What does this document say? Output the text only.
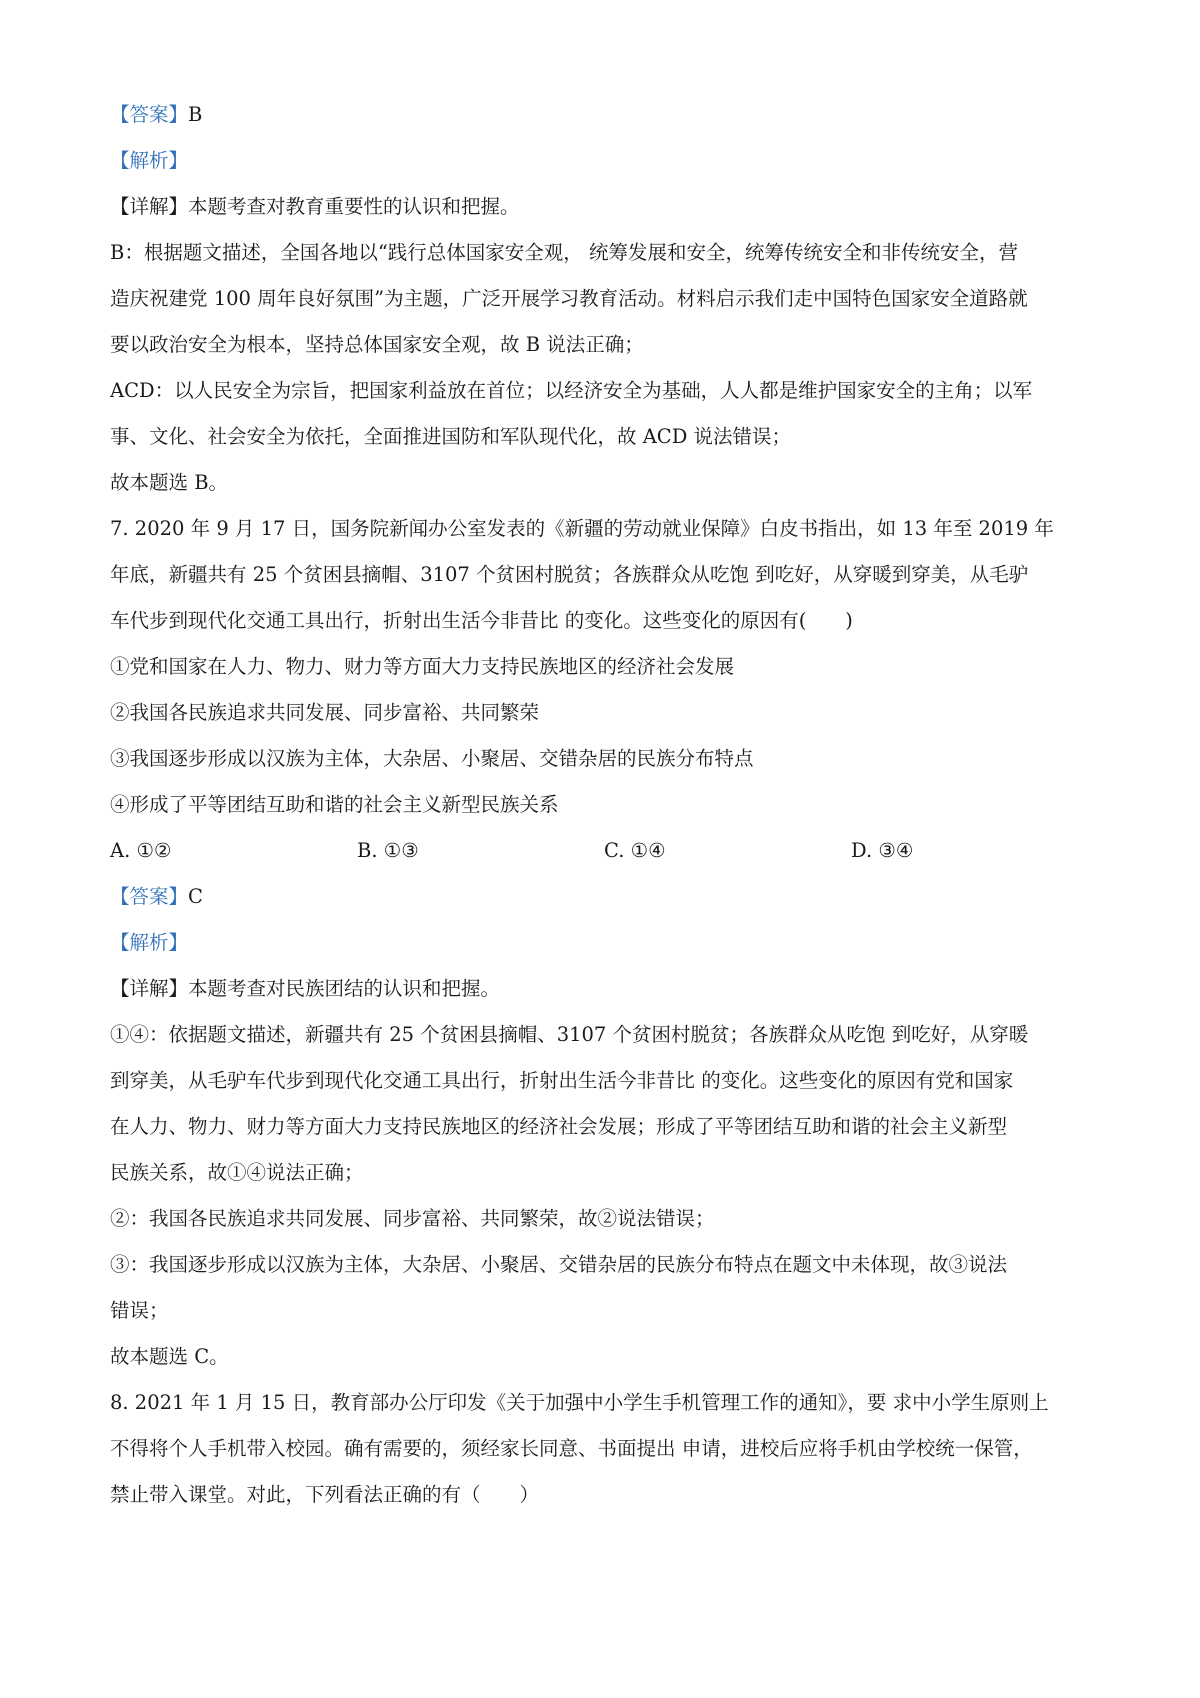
【答案】B
【解析】
【详解】本题考查对教育重要性的认识和把握。
B：根据题文描述，全国各地以“践行总体国家安全观， 统筹发展和安全，统筹传统安全和非传统安全，营
造庆祝建党 100 周年良好氛围”为主题，广泛开展学习教育活动。材料启示我们走中国特色国家安全道路就
要以政治安全为根本，坚持总体国家安全观，故 B 说法正确；
ACD：以人民安全为宗旨，把国家利益放在首位；以经济安全为基础，人人都是维护国家安全的主角；以军
事、文化、社会安全为依托，全面推进国防和军队现代化，故 ACD 说法错误；
故本题选 B。
7. 2020 年 9 月 17 日，国务院新闻办公室发表的《新疆的劳动就业保障》白皮书指出，如 13 年至 2019 年
年底，新疆共有 25 个贫困县摘帽、3107 个贫困村脱贫；各族群众从吃饱 到吃好，从穿暖到穿美，从毛驴
车代步到现代化交通工具出行，折射出生活今非昔比 的变化。这些变化的原因有(　　)
①党和国家在人力、物力、财力等方面大力支持民族地区的经济社会发展
②我国各民族追求共同发展、同步富裕、共同繁荣
③我国逐步形成以汉族为主体，大杂居、小聚居、交错杂居的民族分布特点
④形成了平等团结互助和谐的社会主义新型民族关系
A. ①②	B. ①③	C. ①④	D. ③④
【答案】C
【解析】
【详解】本题考查对民族团结的认识和把握。
①④：依据题文描述，新疆共有 25 个贫困县摘帽、3107 个贫困村脱贫；各族群众从吃饱 到吃好，从穿暖
到穿美，从毛驴车代步到现代化交通工具出行，折射出生活今非昔比 的变化。这些变化的原因有党和国家
在人力、物力、财力等方面大力支持民族地区的经济社会发展；形成了平等团结互助和谐的社会主义新型
民族关系，故①④说法正确；
②：我国各民族追求共同发展、同步富裕、共同繁荣，故②说法错误；
③：我国逐步形成以汉族为主体，大杂居、小聚居、交错杂居的民族分布特点在题文中未体现，故③说法
错误；
故本题选 C。
8. 2021 年 1 月 15 日，教育部办公厅印发《关于加强中小学生手机管理工作的通知》，要 求中小学生原则上
不得将个人手机带入校园。确有需要的，须经家长同意、书面提出 申请，进校后应将手机由学校统一保管，
禁止带入课堂。对此，下列看法正确的有（　　）
